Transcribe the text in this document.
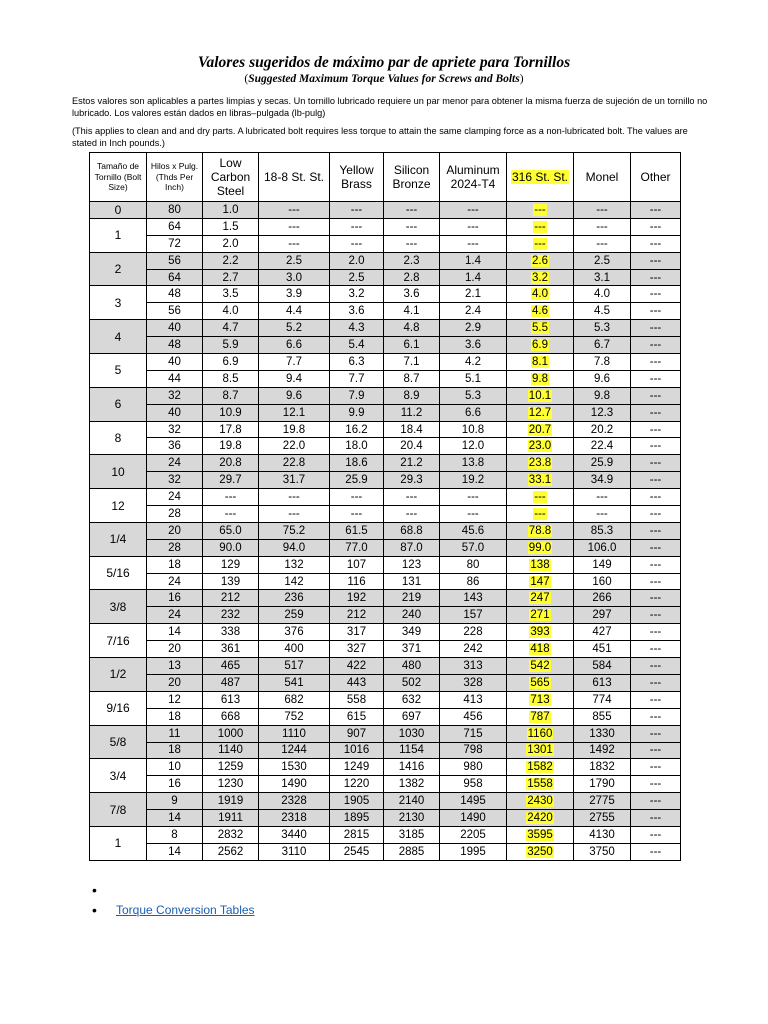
Valores sugeridos de máximo par de apriete para Tornillos
(Suggested Maximum Torque Values for Screws and Bolts)
Estos valores son aplicables a partes limpias y secas. Un tornillo lubricado requiere un par menor para obtener la misma fuerza de sujeción de un tornillo no lubricado. Los valores están dados en libras–pulgada (lb-pulg)
(This applies to clean and and dry parts. A lubricated bolt requires less torque to attain the same clamping force as a non-lubricated bolt. The values are stated in Inch pounds.)
Tamaño de Tornillo (Bolt Size)	Hilos x Pulg. (Thds Per Inch)	Low Carbon Steel	18-8 St. St.	Yellow Brass	Silicon Bronze	Aluminum 2024-T4	316 St. St.	Monel	Other
0	80	1.0	---	---	---	---	---	---	---
1	64	1.5	---	---	---	---	---	---	---
	72	2.0	---	---	---	---	---	---	---
2	56	2.2	2.5	2.0	2.3	1.4	2.6	2.5	---
	64	2.7	3.0	2.5	2.8	1.4	3.2	3.1	---
3	48	3.5	3.9	3.2	3.6	2.1	4.0	4.0	---
	56	4.0	4.4	3.6	4.1	2.4	4.6	4.5	---
4	40	4.7	5.2	4.3	4.8	2.9	5.5	5.3	---
	48	5.9	6.6	5.4	6.1	3.6	6.9	6.7	---
5	40	6.9	7.7	6.3	7.1	4.2	8.1	7.8	---
	44	8.5	9.4	7.7	8.7	5.1	9.8	9.6	---
6	32	8.7	9.6	7.9	8.9	5.3	10.1	9.8	---
	40	10.9	12.1	9.9	11.2	6.6	12.7	12.3	---
8	32	17.8	19.8	16.2	18.4	10.8	20.7	20.2	---
	36	19.8	22.0	18.0	20.4	12.0	23.0	22.4	---
10	24	20.8	22.8	18.6	21.2	13.8	23.8	25.9	---
	32	29.7	31.7	25.9	29.3	19.2	33.1	34.9	---
12	24	---	---	---	---	---	---	---	---
	28	---	---	---	---	---	---	---	---
1/4	20	65.0	75.2	61.5	68.8	45.6	78.8	85.3	---
	28	90.0	94.0	77.0	87.0	57.0	99.0	106.0	---
5/16	18	129	132	107	123	80	138	149	---
	24	139	142	116	131	86	147	160	---
3/8	16	212	236	192	219	143	247	266	---
	24	232	259	212	240	157	271	297	---
7/16	14	338	376	317	349	228	393	427	---
	20	361	400	327	371	242	418	451	---
1/2	13	465	517	422	480	313	542	584	---
	20	487	541	443	502	328	565	613	---
9/16	12	613	682	558	632	413	713	774	---
	18	668	752	615	697	456	787	855	---
5/8	11	1000	1110	907	1030	715	1160	1330	---
	18	1140	1244	1016	1154	798	1301	1492	---
3/4	10	1259	1530	1249	1416	980	1582	1832	---
	16	1230	1490	1220	1382	958	1558	1790	---
7/8	9	1919	2328	1905	2140	1495	2430	2775	---
	14	1911	2318	1895	2130	1490	2420	2755	---
1	8	2832	3440	2815	3185	2205	3595	4130	---
	14	2562	3110	2545	2885	1995	3250	3750	---
•
• Torque Conversion Tables
